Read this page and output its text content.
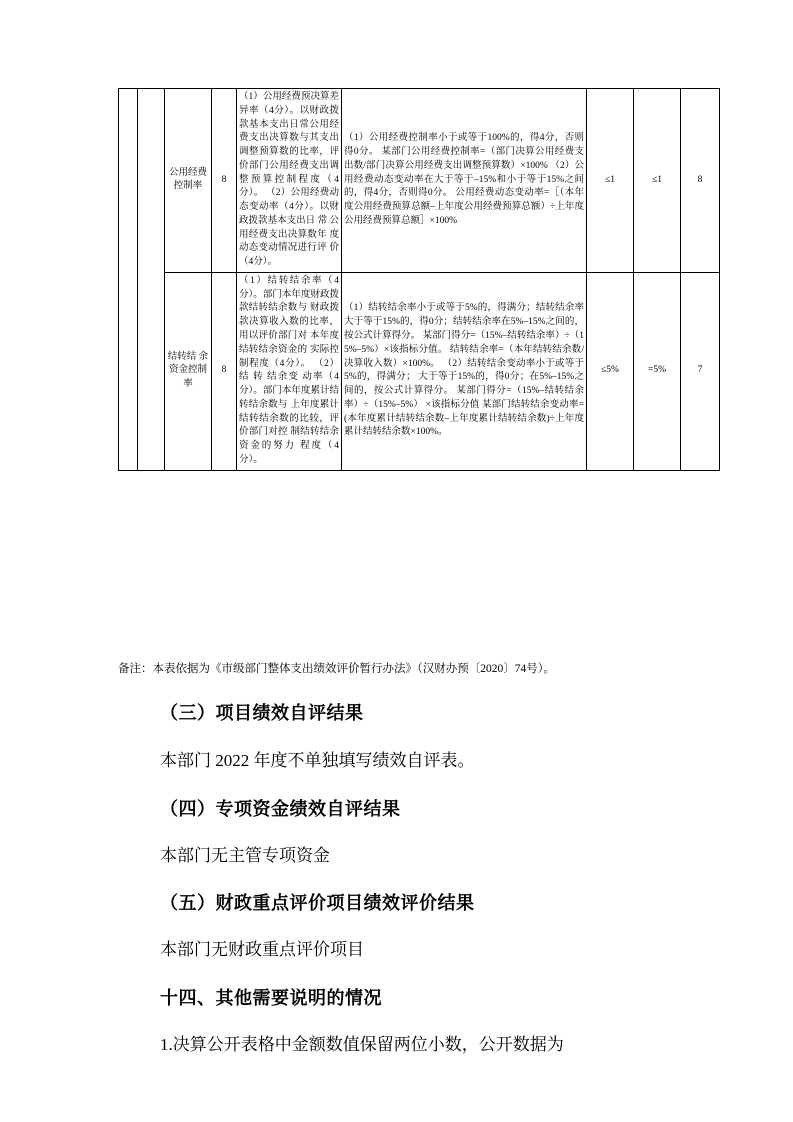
		公用经费控制率	8	（1）公用经费预决算差异率（4分）。以财政拨款基本支出日常公用经费支出决算数与其支出调整预算数的比率，评价部门公用经费支出调整预算控制程度（4分）。 （2）公用经费动 态变动率（4分）。以财政拨款基本支出日 常 公用经费支出决算数年 度动态变动情况进行评 价（4分）。	（1）公用经费控制率小于或等于100%的，得4分，否则得0分。 某部门公用经费控制率=（部门决算公用经费支出数/部门决算公用经费支出调整预算数）×100% （2）公用经费动态变动率在大于等于–15%和小于等于15%之间的，得4分，否则得0分。 公用经费动态变动率=［（本年度公用经费预算总额–上年度公用经费预算总额）÷上年度公用经费预算总额］×100%	≤1	≤1	8
		结转结 余 资金控制率	8	（1）结转结余率（4分）。部门本年度财政拨款结转结余数与 财政拨款决算收入数的比率，用以评价部门对 本年度结转结余资金的 实际控制程度（4分）。 （2）结 转 结余变 动率（4分）。部门本年度累计结转结余数与 上年度累计结转结余数的比较，评价部门对控 制结转结余资金的努力 程度（4分）。	（1）结转结余率小于或等于5%的，得满分；结转结余率大于等于15%的，得0分；结转结余率在5%–15%之间的，按公式计算得分。 某部门得分=（15%–结转结余率）÷（15%–5%）×该指标分值。 结转结余率=（本年结转结余数/决算收入数）×100%。 （2）结转结余变动率小于或等于5%的，得满分； 大于等于15%的，得0分；在5%–15%之间的，按公式计算得分。 某部门得分=（15%–结转结余率）÷（15%–5%） ×该指标分值 某部门结转结余变动率=(本年度累计结转结余数–上年度累计结转结余数)÷上年度累计结转结余数×100%。	≤5%	=5%	7
备注：本表依据为《市级部门整体支出绩效评价暂行办法》（汉财办预〔2020〕74号）。
（三）项目绩效自评结果
本部门 2022 年度不单独填写绩效自评表。
（四）专项资金绩效自评结果
本部门无主管专项资金
（五）财政重点评价项目绩效评价结果
本部门无财政重点评价项目
十四、其他需要说明的情况
1.决算公开表格中金额数值保留两位小数，公开数据为
